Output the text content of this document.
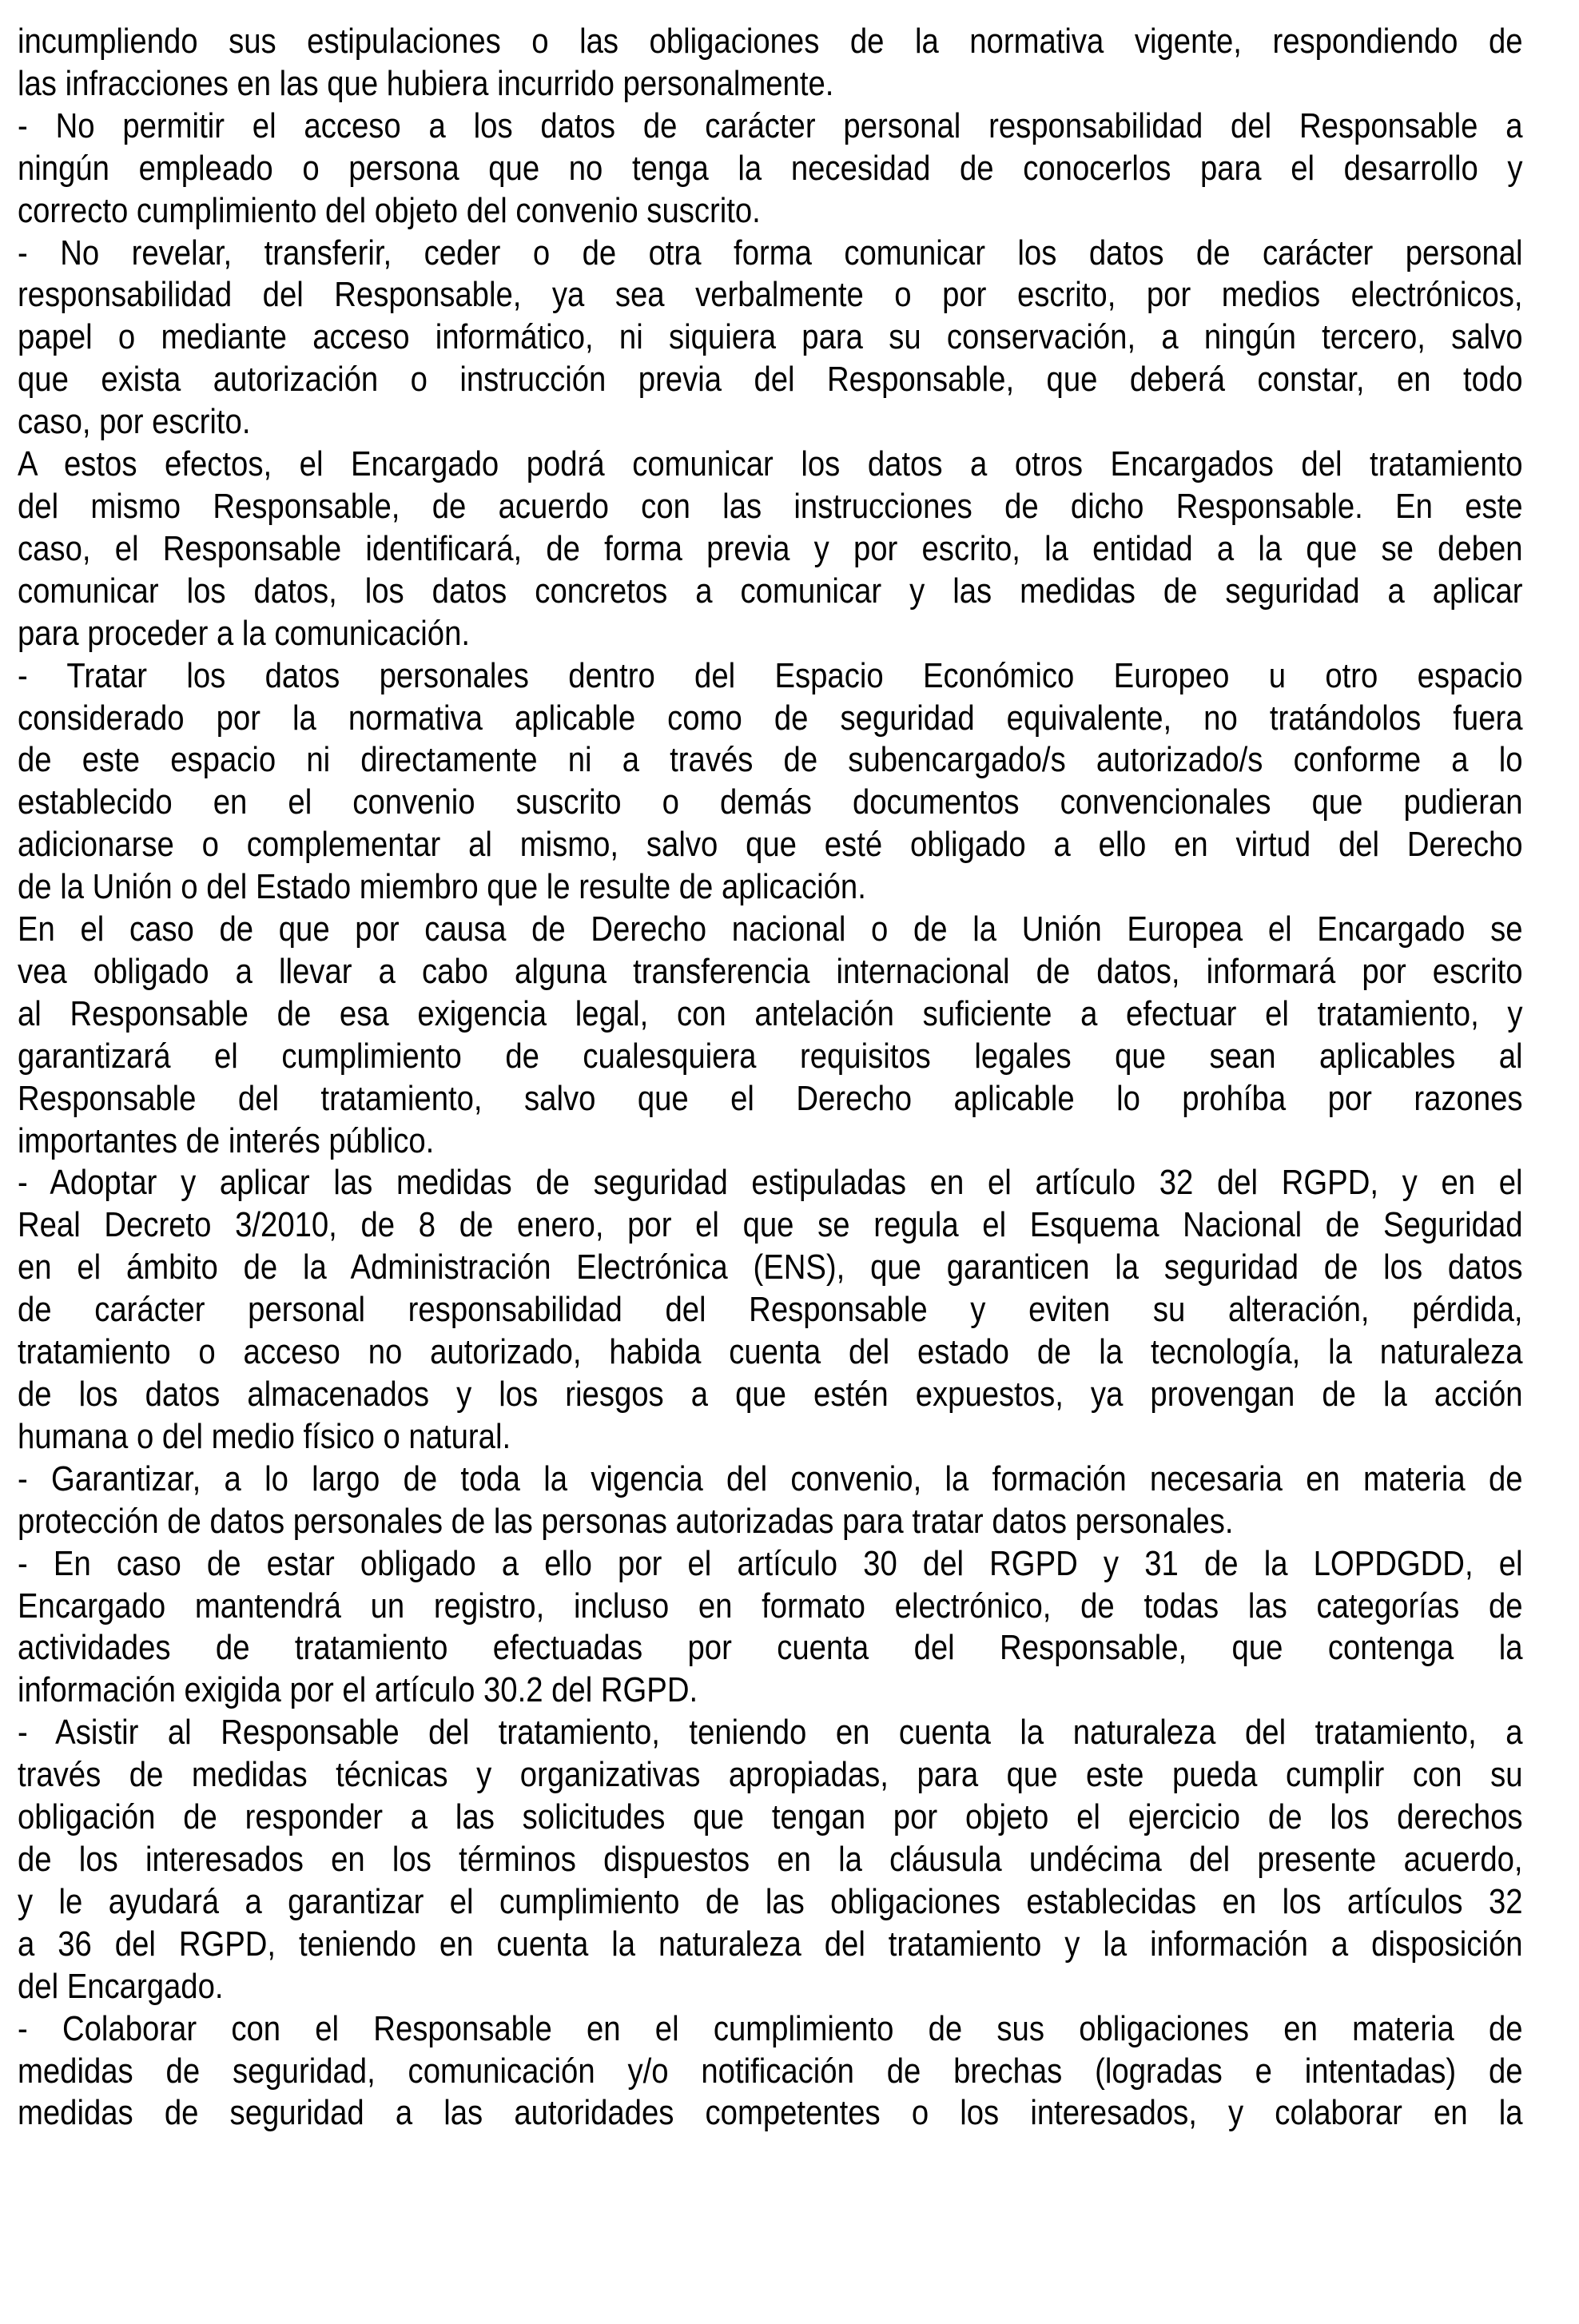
incumpliendo sus estipulaciones o las obligaciones de la normativa vigente, respondiendo de
las infracciones en las que hubiera incurrido personalmente.
- No permitir el acceso a los datos de carácter personal responsabilidad del Responsable a
ningún empleado o persona que no tenga la necesidad de conocerlos para el desarrollo y
correcto cumplimiento del objeto del convenio suscrito.
- No revelar, transferir, ceder o de otra forma comunicar los datos de carácter personal
responsabilidad del Responsable, ya sea verbalmente o por escrito, por medios electrónicos,
papel o mediante acceso informático, ni siquiera para su conservación, a ningún tercero, salvo
que exista autorización o instrucción previa del Responsable, que deberá constar, en todo
caso, por escrito.
A estos efectos, el Encargado podrá comunicar los datos a otros Encargados del tratamiento
del mismo Responsable, de acuerdo con las instrucciones de dicho Responsable. En este
caso, el Responsable identificará, de forma previa y por escrito, la entidad a la que se deben
comunicar los datos, los datos concretos a comunicar y las medidas de seguridad a aplicar
para proceder a la comunicación.
- Tratar los datos personales dentro del Espacio Económico Europeo u otro espacio
considerado por la normativa aplicable como de seguridad equivalente, no tratándolos fuera
de este espacio ni directamente ni a través de subencargado/s autorizado/s conforme a lo
establecido en el convenio suscrito o demás documentos convencionales que pudieran
adicionarse o complementar al mismo, salvo que esté obligado a ello en virtud del Derecho
de la Unión o del Estado miembro que le resulte de aplicación.
En el caso de que por causa de Derecho nacional o de la Unión Europea el Encargado se
vea obligado a llevar a cabo alguna transferencia internacional de datos, informará por escrito
al Responsable de esa exigencia legal, con antelación suficiente a efectuar el tratamiento, y
garantizará el cumplimiento de cualesquiera requisitos legales que sean aplicables al
Responsable del tratamiento, salvo que el Derecho aplicable lo prohíba por razones
importantes de interés público.
- Adoptar y aplicar las medidas de seguridad estipuladas en el artículo 32 del RGPD, y en el
Real Decreto 3/2010, de 8 de enero, por el que se regula el Esquema Nacional de Seguridad
en el ámbito de la Administración Electrónica (ENS), que garanticen la seguridad de los datos
de carácter personal responsabilidad del Responsable y eviten su alteración, pérdida,
tratamiento o acceso no autorizado, habida cuenta del estado de la tecnología, la naturaleza
de los datos almacenados y los riesgos a que estén expuestos, ya provengan de la acción
humana o del medio físico o natural.
- Garantizar, a lo largo de toda la vigencia del convenio, la formación necesaria en materia de
protección de datos personales de las personas autorizadas para tratar datos personales.
- En caso de estar obligado a ello por el artículo 30 del RGPD y 31 de la LOPDGDD, el
Encargado mantendrá un registro, incluso en formato electrónico, de todas las categorías de
actividades de tratamiento efectuadas por cuenta del Responsable, que contenga la
información exigida por el artículo 30.2 del RGPD.
- Asistir al Responsable del tratamiento, teniendo en cuenta la naturaleza del tratamiento, a
través de medidas técnicas y organizativas apropiadas, para que este pueda cumplir con su
obligación de responder a las solicitudes que tengan por objeto el ejercicio de los derechos
de los interesados en los términos dispuestos en la cláusula undécima del presente acuerdo,
y le ayudará a garantizar el cumplimiento de las obligaciones establecidas en los artículos 32
a 36 del RGPD, teniendo en cuenta la naturaleza del tratamiento y la información a disposición
del Encargado.
- Colaborar con el Responsable en el cumplimiento de sus obligaciones en materia de
medidas de seguridad, comunicación y/o notificación de brechas (logradas e intentadas) de
medidas de seguridad a las autoridades competentes o los interesados, y colaborar en la
